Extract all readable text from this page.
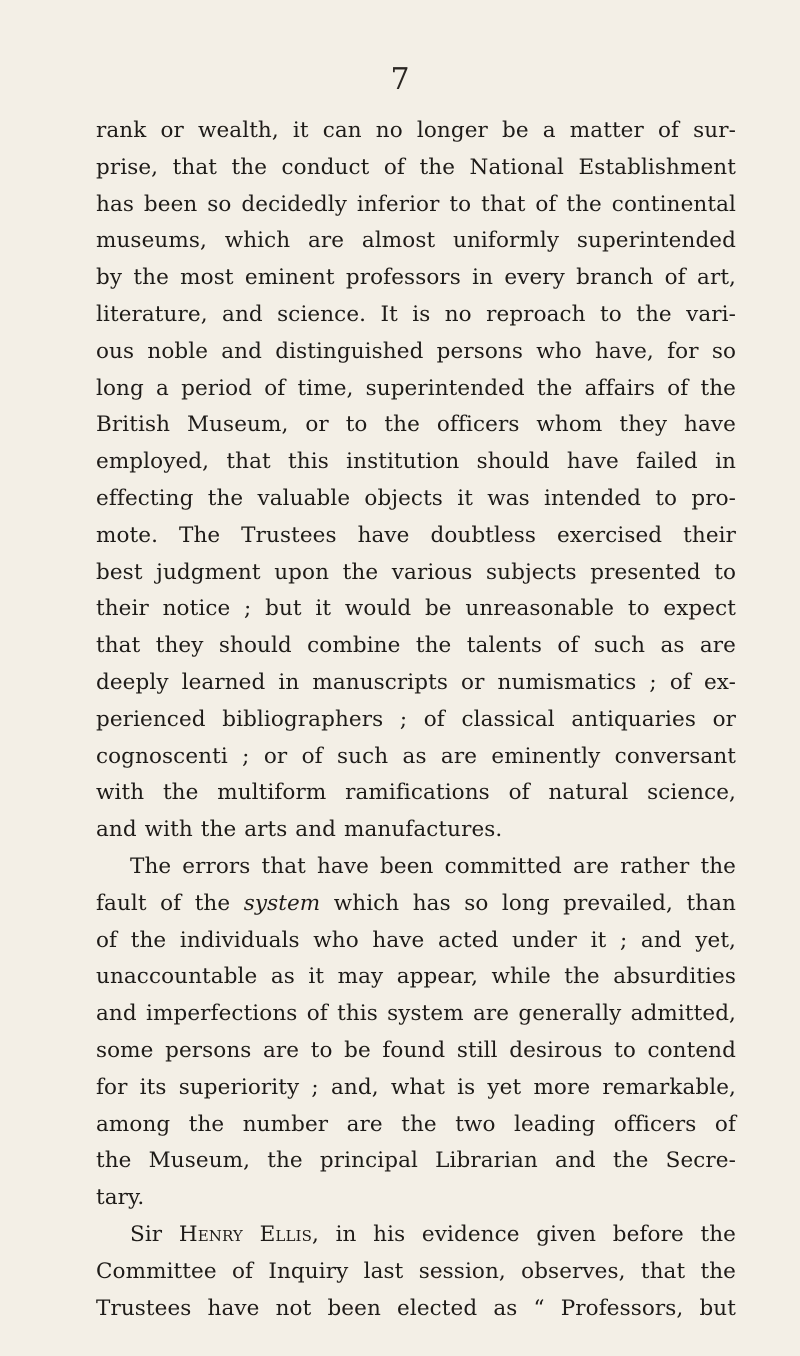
7
rank or wealth, it can no longer be a matter of sur-
prise, that the conduct of the National Establishment
has been so decidedly inferior to that of the continental
museums, which are almost uniformly superintended
by the most eminent professors in every branch of art,
literature, and science. It is no reproach to the vari-
ous noble and distinguished persons who have, for so
long a period of time, superintended the affairs of the
British Museum, or to the officers whom they have
employed, that this institution should have failed in
effecting the valuable objects it was intended to pro-
mote. The Trustees have doubtless exercised their
best judgment upon the various subjects presented to
their notice ; but it would be unreasonable to expect
that they should combine the talents of such as are
deeply learned in manuscripts or numismatics ; of ex-
perienced bibliographers ; of classical antiquaries or
cognoscenti ; or of such as are eminently conversant
with the multiform ramifications of natural science,
and with the arts and manufactures.
The errors that have been committed are rather the
fault of the system which has so long prevailed, than
of the individuals who have acted under it ; and yet,
unaccountable as it may appear, while the absurdities
and imperfections of this system are generally admitted,
some persons are to be found still desirous to contend
for its superiority ; and, what is yet more remarkable,
among the number are the two leading officers of
the Museum, the principal Librarian and the Secre-
tary.
Sir Henry Ellis, in his evidence given before the
Committee of Inquiry last session, observes, that the
Trustees have not been elected as “ Professors, but
